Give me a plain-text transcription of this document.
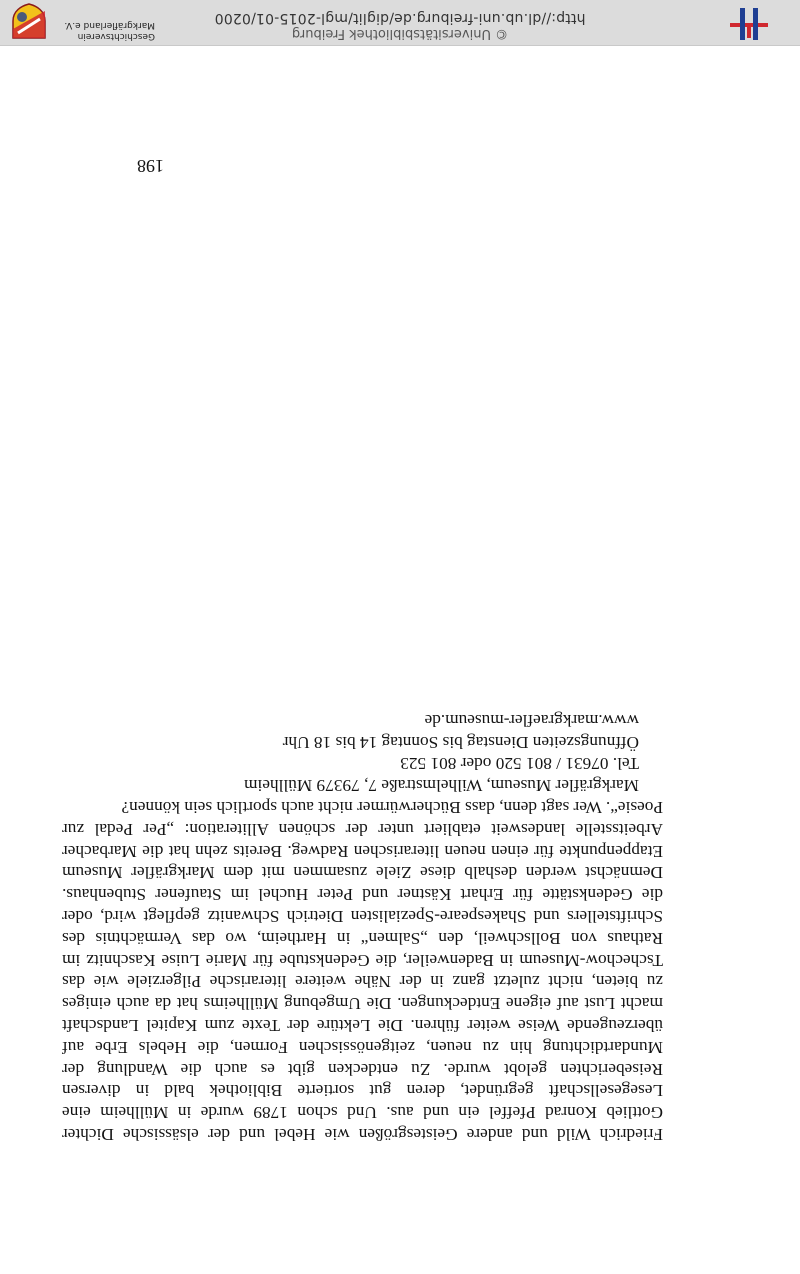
198

Friedrich Wild und andere Geistesgrößen wie Hebel und der elsässische Dichter Gottlieb Konrad Pfeffel ein und aus. Und schon 1789 wurde in Müllheim eine Lesegesellschaft gegründet, deren gut sortierte Bibliothek bald in diversen Reiseberichten gelobt wurde. Zu entdecken gibt es auch die Wandlung der Mundartdichtung hin zu neuen, zeitgenössischen Formen, die Hebels Erbe auf überzeugende Weise weiter führen. Die Lektüre der Texte zum Kapitel Landschaft macht Lust auf eigene Entdeckungen. Die Umgebung Müllheims hat da auch einiges zu bieten, nicht zuletzt ganz in der Nähe weitere literarische Pilgerziele wie das Tschechow-Museum in Badenweiler, die Gedenkstube für Marie Luise Kaschnitz im Rathaus von Bollschweil, den „Salmen“ in Hartheim, wo das Vermächtnis des Schriftstellers und Shakespeare-Spezialisten Dietrich Schwanitz gepflegt wird, oder die Gedenkstätte für Erhart Kästner und Peter Huchel im Staufener Stubenhaus. Demnächst werden deshalb diese Ziele zusammen mit dem Markgräfler Museum Etappenpunkte für einen neuen literarischen Radweg. Bereits zehn hat die Marbacher Arbeitsstelle landesweit etabliert unter der schönen Alliteration: „Per Pedal zur Poesie“. Wer sagt denn, dass Bücherwürmer nicht auch sportlich sein können?

Markgräfler Museum, Wilhelmstraße 7, 79379 Müllheim
Tel. 07631 / 801 520 oder 801 523
Öffnungszeiten Dienstag bis Sonntag 14 bis 18 Uhr
www.markgraefler-museum.de
© Universitätsbibliothek Freiburg
http://dl.ub.uni-freiburg.de/diglit/mgl-2015-01/0200
Geschichtsverein
Markgräflerland e.V.
